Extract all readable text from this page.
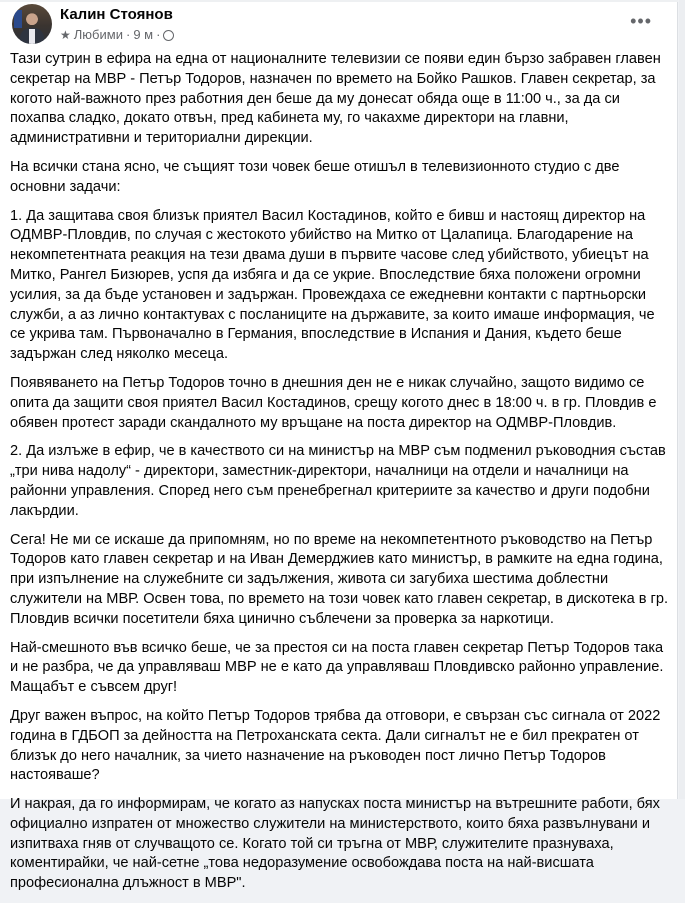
Калин Стоянов
★ Любими · 9 м ·
•••

Тази сутрин в ефира на една от националните телевизии се появи един бързо забравен главен секретар на МВР - Петър Тодоров, назначен по времето на Бойко Рашков. Главен секретар, за когото най-важното през работния ден беше да му донесат обяда още в 11:00 ч., за да си похапва сладко, докато отвън, пред кабинета му, го чакахме директори на главни, административни и териториални дирекции.

На всички стана ясно, че същият този човек беше отишъл в телевизионното студио с две основни задачи:

1. Да защитава своя близък приятел Васил Костадинов, който е бивш и настоящ директор на ОДМВР-Пловдив, по случая с жестокото убийство на Митко от Цалапица. Благодарение на некомпетентната реакция на тези двама души в първите часове след убийството, убиецът на Митко, Рангел Бизюрев, успя да избяга и да се укрие. Впоследствие бяха положени огромни усилия, за да бъде установен и задържан. Провеждаха се ежедневни контакти с партньорски служби, а аз лично контактувах с посланиците на държавите, за които имаше информация, че се укрива там. Първоначално в Германия, впоследствие в Испания и Дания, където беше задържан след няколко месеца.

Появяването на Петър Тодоров точно в днешния ден не е никак случайно, защото видимо се опита да защити своя приятел Васил Костадинов, срещу когото днес в 18:00 ч. в гр. Пловдив е обявен протест заради скандалното му връщане на поста директор на ОДМВР-Пловдив.

2. Да излъже в ефир, че в качеството си на министър на МВР съм подменил ръководния състав „три нива надолу“ - директори, заместник-директори, началници на отдели и началници на районни управления. Според него съм пренебрегнал критериите за качество и други подобни лакърдии.

Сега! Не ми се искаше да припомням, но по време на некомпетентното ръководство на Петър Тодоров като главен секретар и на Иван Демерджиев като министър, в рамките на една година, при изпълнение на служебните си задължения, живота си загубиха шестима доблестни служители на МВР. Освен това, по времето на този човек като главен секретар, в дискотека в гр. Пловдив всички посетители бяха цинично съблечени за проверка за наркотици.

Най-смешното във всичко беше, че за престоя си на поста главен секретар Петър Тодоров така и не разбра, че да управляваш МВР не е като да управляваш Пловдивско районно управление. Мащабът е съвсем друг!

Друг важен въпрос, на който Петър Тодоров трябва да отговори, е свързан със сигнала от 2022 година в ГДБОП за дейността на Петроханската секта. Дали сигналът не е бил прекратен от близък до него началник, за чието назначение на ръководен пост лично Петър Тодоров настояваше?

И накрая, да го информирам, че когато аз напусках поста министър на вътрешните работи, бях официално изпратен от множество служители на министерството, които бяха развълнувани и изпитваха гняв от случващото се. Когато той си тръгна от МВР, служителите празнуваха, коментирайки, че най-сетне „това недоразумение освобождава поста на най-висшата професионална длъжност в МВР".
